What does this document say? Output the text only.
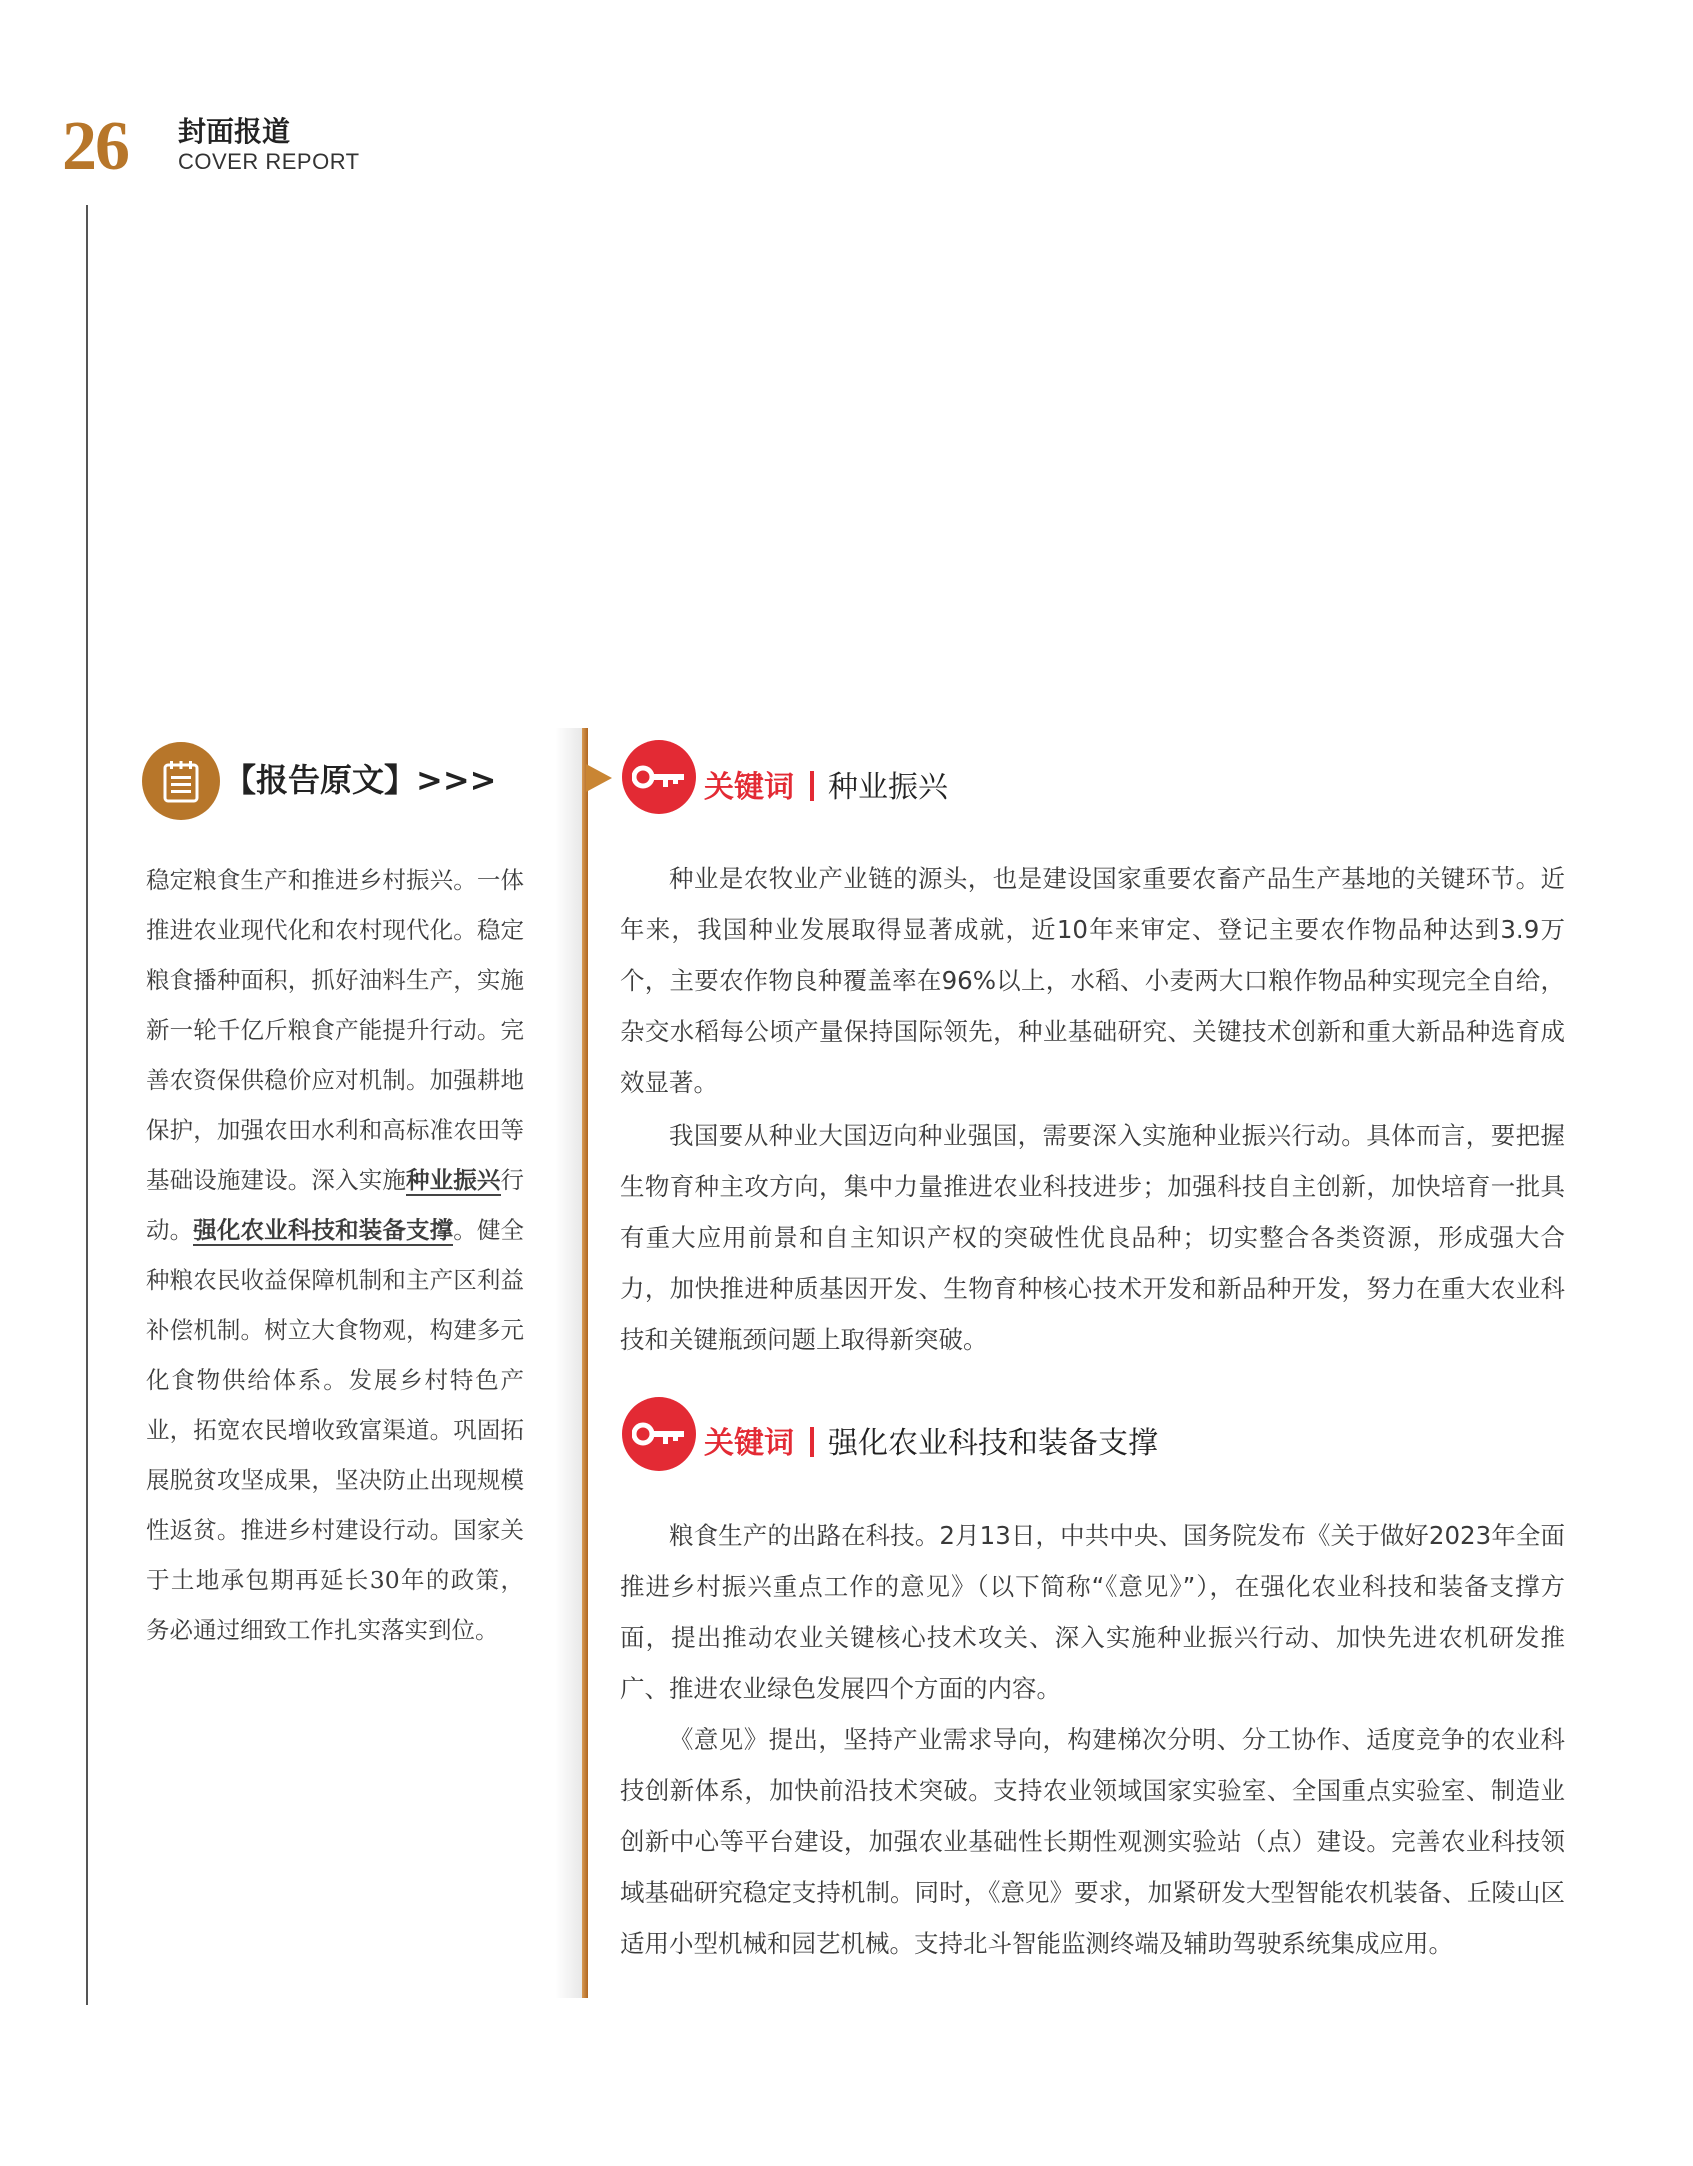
26 封面报道
COVER REPORT
【报告原文】>>>
稳定粮食生产和推进乡村振兴。一体推进农业现代化和农村现代化。稳定粮食播种面积，抓好油料生产，实施新一轮千亿斤粮食产能提升行动。完善农资保供稳价应对机制。加强耕地保护，加强农田水利和高标准农田等基础设施建设。深入实施种业振兴行动。强化农业科技和装备支撑。健全种粮农民收益保障机制和主产区利益补偿机制。树立大食物观，构建多元化食物供给体系。发展乡村特色产业，拓宽农民增收致富渠道。巩固拓展脱贫攻坚成果，坚决防止出现规模性返贫。推进乡村建设行动。国家关于土地承包期再延长30年的政策，务必通过细致工作扎实落实到位。
关键词 种业振兴

种业是农牧业产业链的源头，也是建设国家重要农畜产品生产基地的关键环节。近年来，我国种业发展取得显著成就，近10年来审定、登记主要农作物品种达到3.9万个，主要农作物良种覆盖率在96%以上，水稻、小麦两大口粮作物品种实现完全自给，杂交水稻每公顷产量保持国际领先，种业基础研究、关键技术创新和重大新品种选育成效显著。

我国要从种业大国迈向种业强国，需要深入实施种业振兴行动。具体而言，要把握生物育种主攻方向，集中力量推进农业科技进步；加强科技自主创新，加快培育一批具有重大应用前景和自主知识产权的突破性优良品种；切实整合各类资源，形成强大合力，加快推进种质基因开发、生物育种核心技术开发和新品种开发，努力在重大农业科技和关键瓶颈问题上取得新突破。

关键词 强化农业科技和装备支撑

粮食生产的出路在科技。2月13日，中共中央、国务院发布《关于做好2023年全面推进乡村振兴重点工作的意见》（以下简称“《意见》”），在强化农业科技和装备支撑方面，提出推动农业关键核心技术攻关、深入实施种业振兴行动、加快先进农机研发推广、推进农业绿色发展四个方面的内容。

《意见》提出，坚持产业需求导向，构建梯次分明、分工协作、适度竞争的农业科技创新体系，加快前沿技术突破。支持农业领域国家实验室、全国重点实验室、制造业创新中心等平台建设，加强农业基础性长期性观测实验站（点）建设。完善农业科技领域基础研究稳定支持机制。同时，《意见》要求，加紧研发大型智能农机装备、丘陵山区适用小型机械和园艺机械。支持北斗智能监测终端及辅助驾驶系统集成应用。
